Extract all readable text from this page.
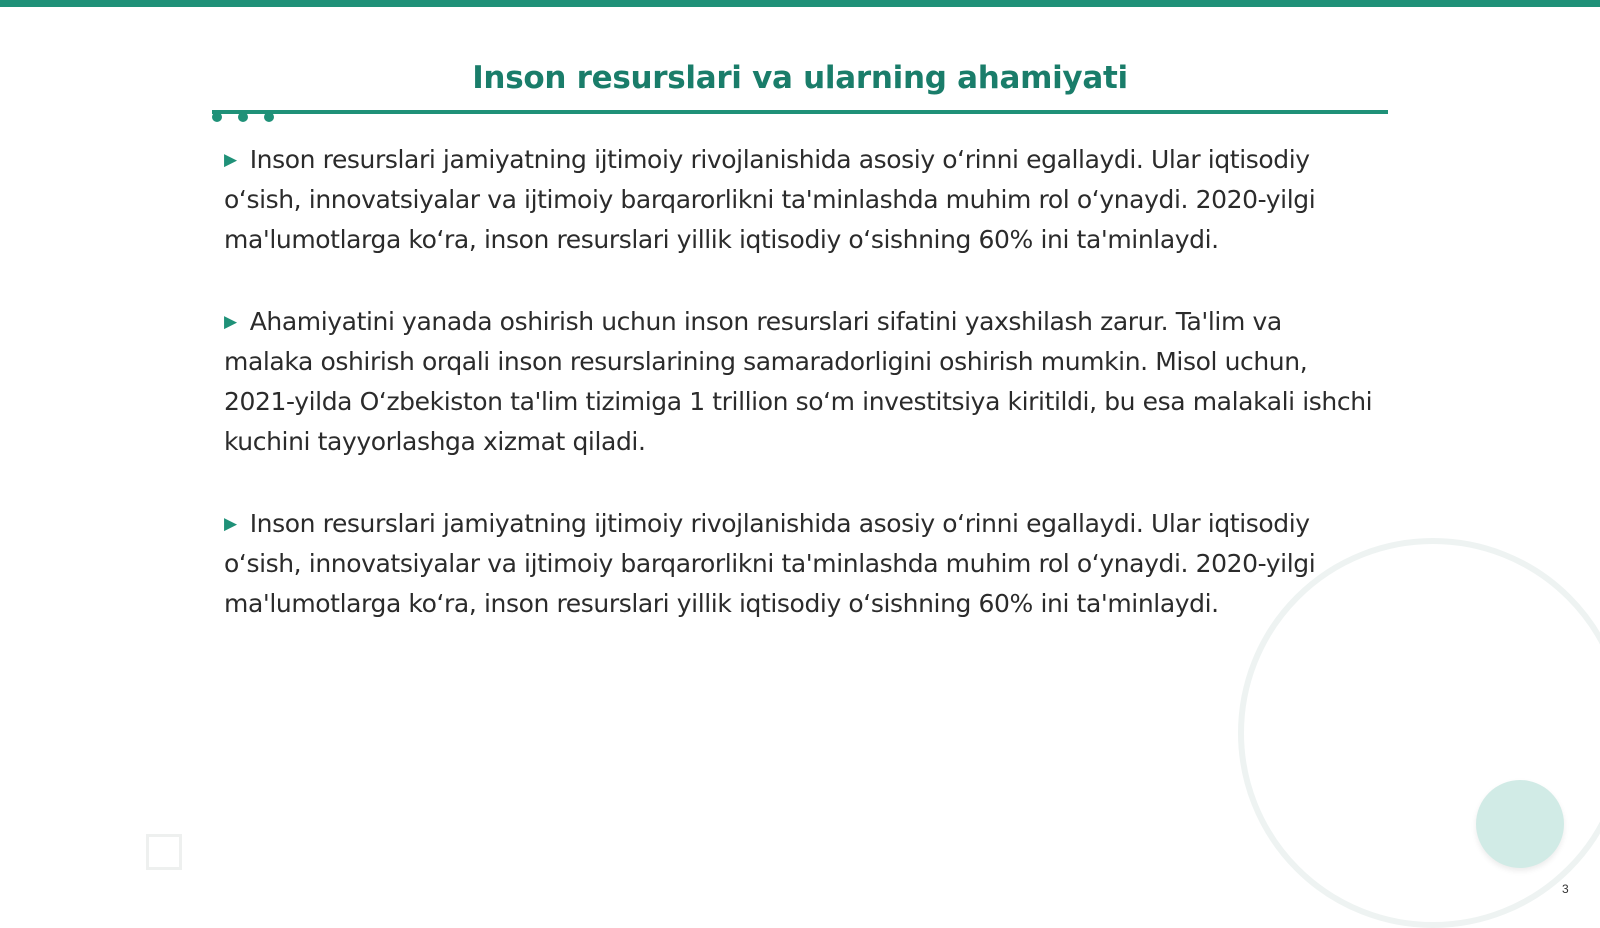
Inson resurslari va ularning ahamiyati

▶ Inson resurslari jamiyatning ijtimoiy rivojlanishida asosiy oʻrinni egallaydi. Ular iqtisodiy oʻsish, innovatsiyalar va ijtimoiy barqarorlikni ta'minlashda muhim rol oʻynaydi. 2020-yilgi ma'lumotlarga koʻra, inson resurslari yillik iqtisodiy oʻsishning 60% ini ta'minlaydi.

▶ Ahamiyatini yanada oshirish uchun inson resurslari sifatini yaxshilash zarur. Ta'lim va malaka oshirish orqali inson resurslarining samaradorligini oshirish mumkin. Misol uchun, 2021-yilda Oʻzbekiston ta'lim tizimiga 1 trillion soʻm investitsiya kiritildi, bu esa malakali ishchi kuchini tayyorlashga xizmat qiladi.

▶ Inson resurslari jamiyatning ijtimoiy rivojlanishida asosiy oʻrinni egallaydi. Ular iqtisodiy oʻsish, innovatsiyalar va ijtimoiy barqarorlikni ta'minlashda muhim rol oʻynaydi. 2020-yilgi ma'lumotlarga koʻra, inson resurslari yillik iqtisodiy oʻsishning 60% ini ta'minlaydi.

3
